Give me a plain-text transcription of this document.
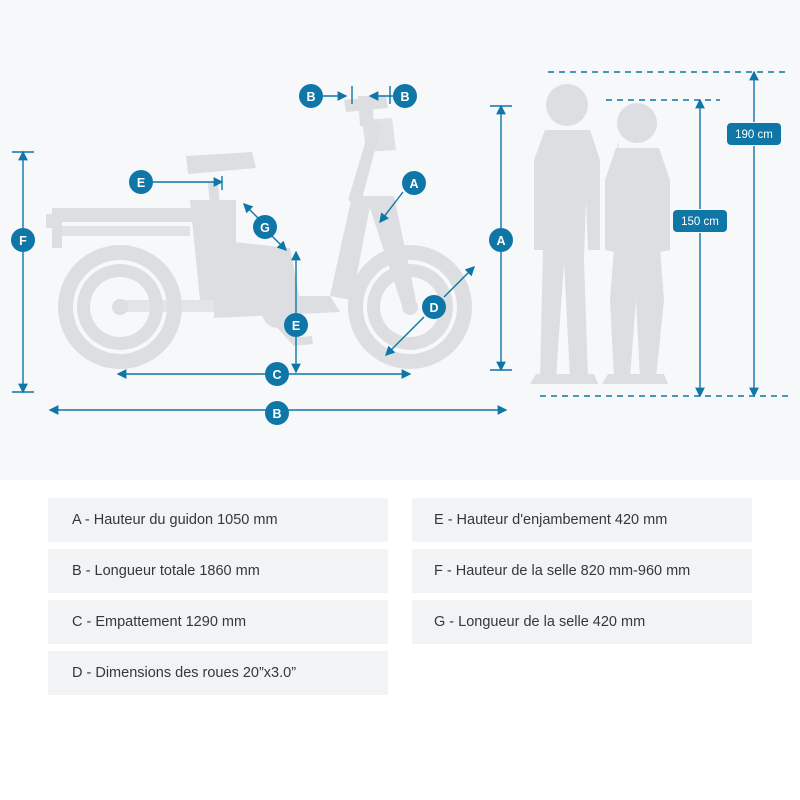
F
E
G
B	B
A
A
D
E
C
B
190 cm
150 cm
A - Hauteur du guidon 1050 mm
B - Longueur totale 1860 mm
C - Empattement 1290 mm
D - Dimensions des roues 20”x3.0”
E - Hauteur d'enjambement 420 mm
F - Hauteur de la selle 820 mm-960 mm
G - Longueur de la selle 420 mm
